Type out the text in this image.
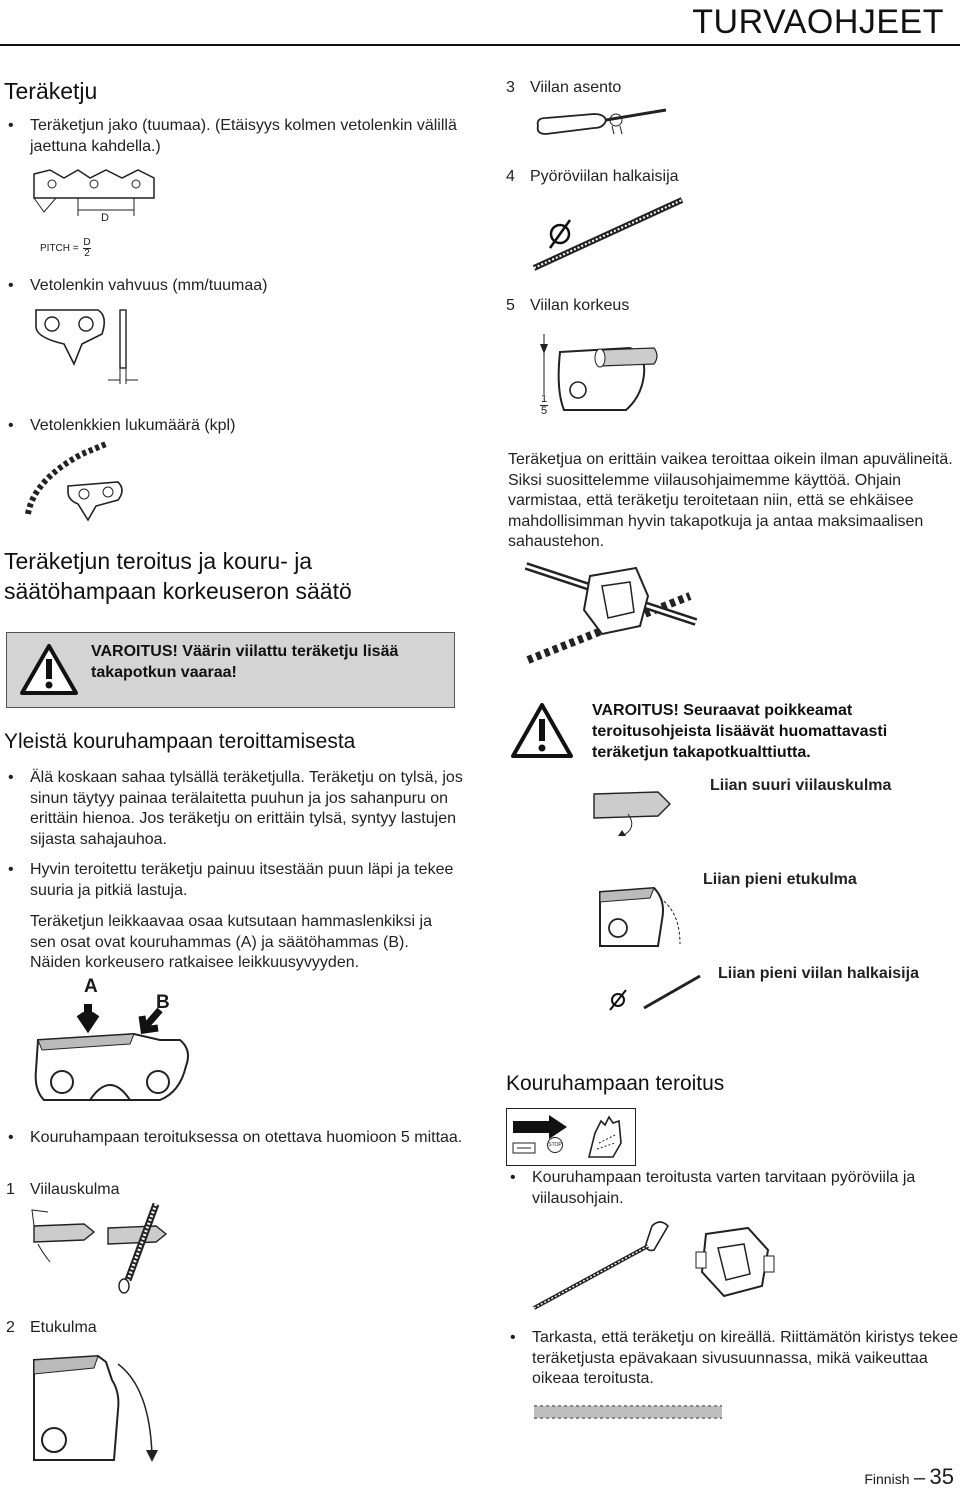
TURVAOHJEET
Teräketju
• Teräketjun jako (tuumaa). (Etäisyys kolmen vetolenkin välillä jaettuna kahdella.)
D
PITCH = $\frac{D}{2}$
• Vetolenkin vahvuus (mm/tuumaa)
• Vetolenkkien lukumäärä (kpl)
Teräketjun teroitus ja kouru- ja säätöhampaan korkeuseron säätö
VAROITUS! Väärin viilattu teräketju lisää takapotkun vaaraa!
Yleistä kouruhampaan teroittamisesta
• Älä koskaan sahaa tylsällä teräketjulla. Teräketju on tylsä, jos sinun täytyy painaa terälaitetta puuhun ja jos sahanpuru on erittäin hienoa. Jos teräketju on erittäin tylsä, syntyy lastujen sijasta sahajauhoa.
• Hyvin teroitettu teräketju painuu itsestään puun läpi ja tekee suuria ja pitkiä lastuja.
Teräketjun leikkaavaa osaa kutsutaan hammaslenkiksi ja sen osat ovat kouruhammas (A) ja säätöhammas (B). Näiden korkeusero ratkaisee leikkuusyvyyden.
A
B
• Kouruhampaan teroituksessa on otettava huomioon 5 mittaa.
1 Viilauskulma
2 Etukulma
3 Viilan asento
4 Pyöröviilan halkaisija
5 Viilan korkeus
$\frac{1}{5}$
Teräketjua on erittäin vaikea teroittaa oikein ilman apuvälineitä. Siksi suosittelemme viilausohjaimemme käyttöä. Ohjain varmistaa, että teräketju teroitetaan niin, että se ehkäisee mahdollisimman hyvin takapotkuja ja antaa maksimaalisen sahaustehon.
VAROITUS! Seuraavat poikkeamat teroitusohjeista lisäävät huomattavasti teräketjun takapotkualttiutta.
Liian suuri viilauskulma
Liian pieni etukulma
Liian pieni viilan halkaisija
Kouruhampaan teroitus
STOP
• Kouruhampaan teroitusta varten tarvitaan pyöröviila ja viilausohjain.
• Tarkasta, että teräketju on kireällä. Riittämätön kiristys tekee teräketjusta epävakaan sivusuunnassa, mikä vaikeuttaa oikeaa teroitusta.
Finnish – 35
